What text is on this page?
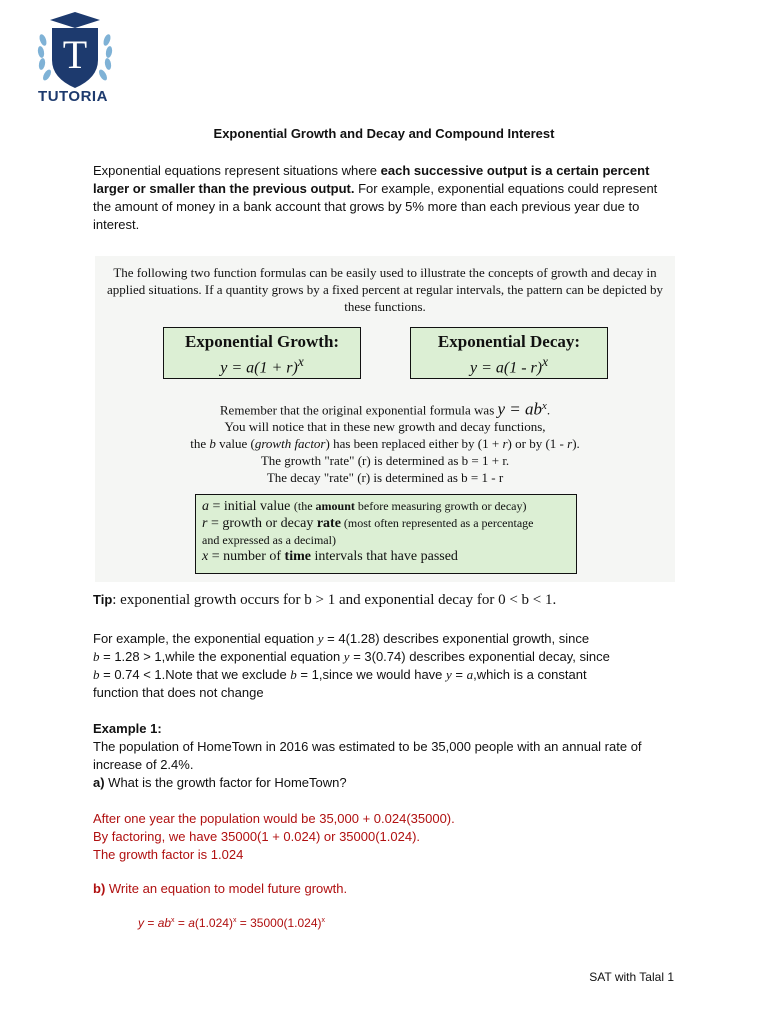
T
TUTORIA
Exponential Growth and Decay and Compound Interest
Exponential equations represent situations where each successive output is a certain percent larger or smaller than the previous output. For example, exponential equations could represent the amount of money in a bank account that grows by 5% more than each previous year due to interest.
The following two function formulas can be easily used to illustrate the concepts of growth and decay in applied situations. If a quantity grows by a fixed percent at regular intervals, the pattern can be depicted by these functions.
Exponential Growth:
$y = a(1 + r)^x$
Exponential Decay:
y = a(1 - r)$^x$
Remember that the original exponential formula was $y = ab^x$.
You will notice that in these new growth and decay functions,
the b value (growth factor) has been replaced either by (1 + r) or by (1 - r).
The growth "rate" (r) is determined as b = 1 + r.
The decay "rate" (r) is determined as b = 1 - r
a = initial value (the amount before measuring growth or decay)
r = growth or decay rate (most often represented as a percentage
and expressed as a decimal)
x = number of time intervals that have passed
Tip: exponential growth occurs for b > 1 and exponential decay for 0 < b < 1.
For example, the exponential equation y = 4(1.28) describes exponential growth, since
b = 1.28 > 1,while the exponential equation y = 3(0.74) describes exponential decay, since
b = 0.74 < 1.Note that we exclude b = 1,since we would have y = a,which is a constant
function that does not change
Example 1:
The population of HomeTown in 2016 was estimated to be 35,000 people with an annual rate of increase of 2.4%.
a) What is the growth factor for HomeTown?
After one year the population would be 35,000 + 0.024(35000).
By factoring, we have 35000(1 + 0.024) or 35000(1.024).
The growth factor is 1.024
b) Write an equation to model future growth.
$y = ab^x = a(1.024)^x = 35000(1.024)^x$
SAT with Talal 1
